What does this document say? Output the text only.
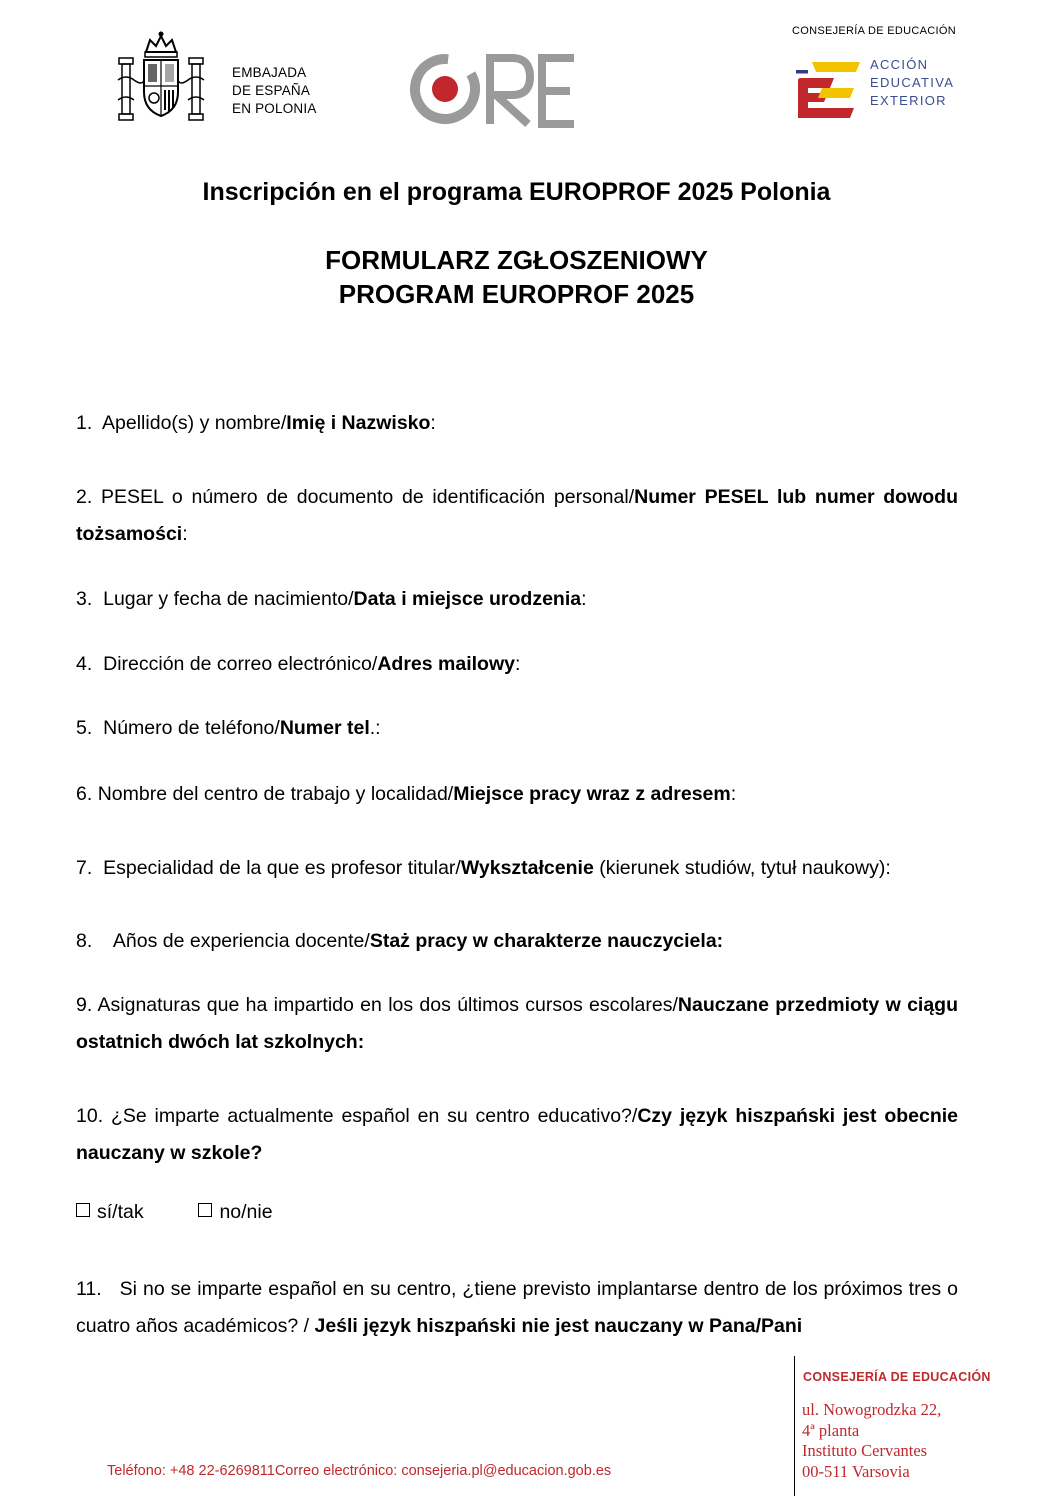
EMBAJADA
DE ESPAÑA
EN POLONIA
CONSEJERÍA DE EDUCACIÓN
ACCIÓN
EDUCATIVA
EXTERIOR
Inscripción en el programa EUROPROF 2025 Polonia
FORMULARZ ZGŁOSZENIOWY
PROGRAM EUROPROF 2025
1. Apellido(s) y nombre/Imię i Nazwisko:
2. PESEL o número de documento de identificación personal/Numer PESEL lub numer dowodu tożsamości:
3. Lugar y fecha de nacimiento/Data i miejsce urodzenia:
4. Dirección de correo electrónico/Adres mailowy:
5. Número de teléfono/Numer tel.:
6. Nombre del centro de trabajo y localidad/Miejsce pracy wraz z adresem:
7. Especialidad de la que es profesor titular/Wykształcenie (kierunek studiów, tytuł naukowy):
8. Años de experiencia docente/Staż pracy w charakterze nauczyciela:
9. Asignaturas que ha impartido en los dos últimos cursos escolares/Nauczane przedmioty w ciągu ostatnich dwóch lat szkolnych:
10. ¿Se imparte actualmente español en su centro educativo?/Czy język hiszpański jest obecnie nauczany w szkole?
sí/tak	no/nie
11. Si no se imparte español en su centro, ¿tiene previsto implantarse dentro de los próximos tres o cuatro años académicos? / Jeśli język hiszpański nie jest nauczany w Pana/Pani
Teléfono: +48 22-6269811Correo electrónico: consejeria.pl@educacion.gob.es
CONSEJERÍA DE EDUCACIÓN
ul. Nowogrodzka 22,
4ª planta
Instituto Cervantes
00-511 Varsovia
